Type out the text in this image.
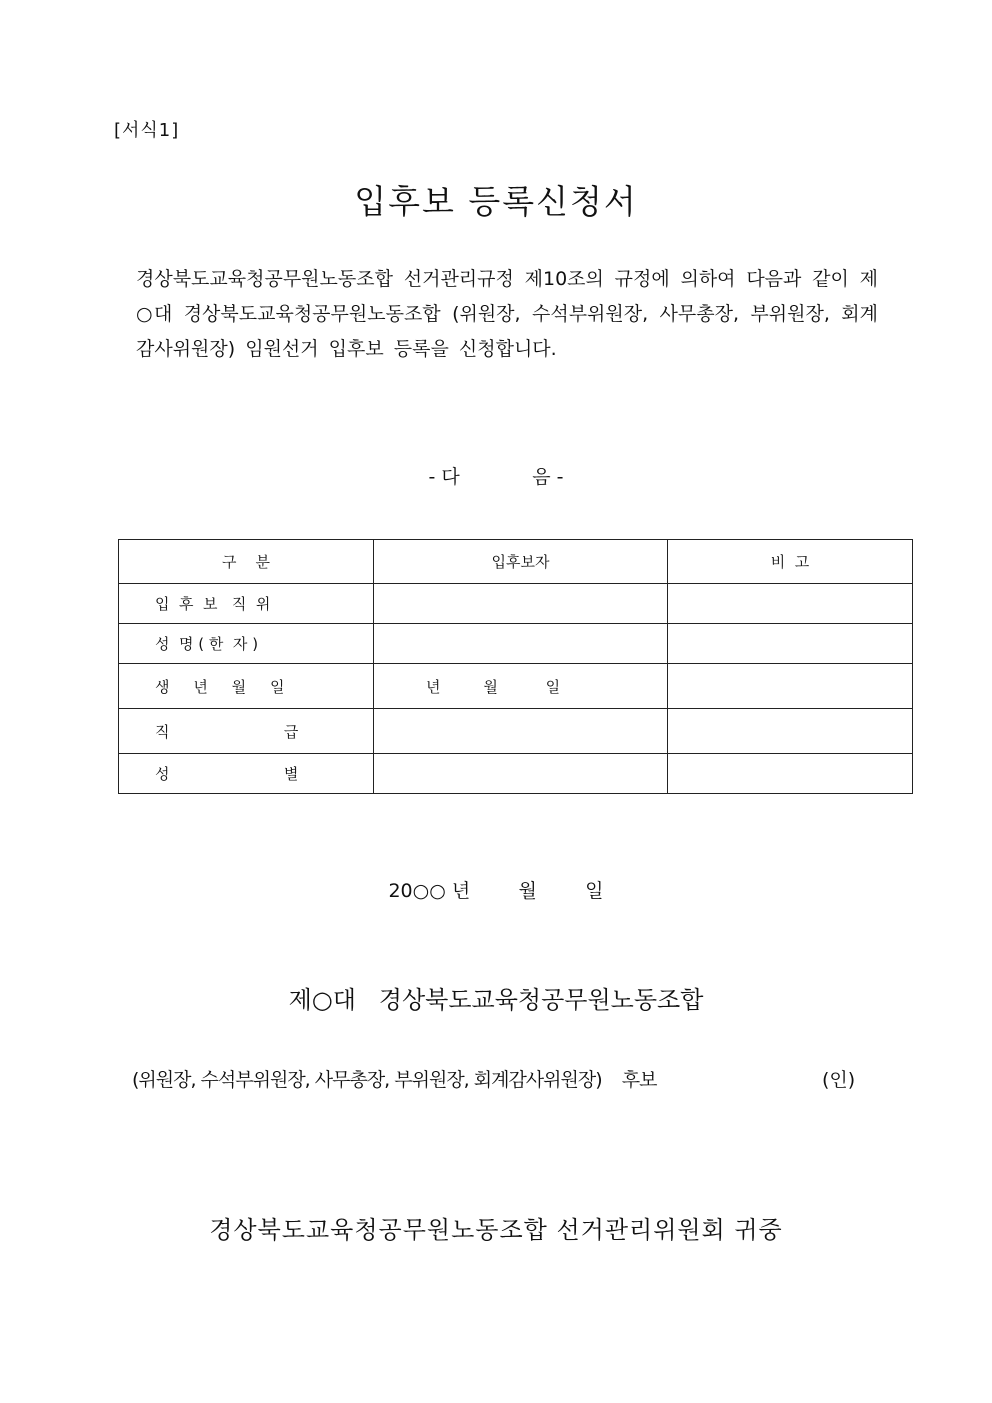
[서식1]
입후보 등록신청서

경상북도교육청공무원노동조합 선거관리규정 제10조의 규정에 의하여 다음과 같이 제○대 경상북도교육청공무원노동조합 (위원장, 수석부위원장, 사무총장, 부위원장, 회계감사위원장) 임원선거 입후보 등록을 신청합니다.

- 다            음 -
구    분	입후보자	비  고
입  후  보   직  위		
성  명 ( 한  자 )		
생     년     월     일	년         월          일	
직                        급		
성                        별		
20○○ 년        월        일
제○대   경상북도교육청공무원노동조합
(위원장, 수석부위원장, 사무총장, 부위원장, 회계감사위원장)    후보	(인)
경상북도교육청공무원노동조합 선거관리위원회 귀중
